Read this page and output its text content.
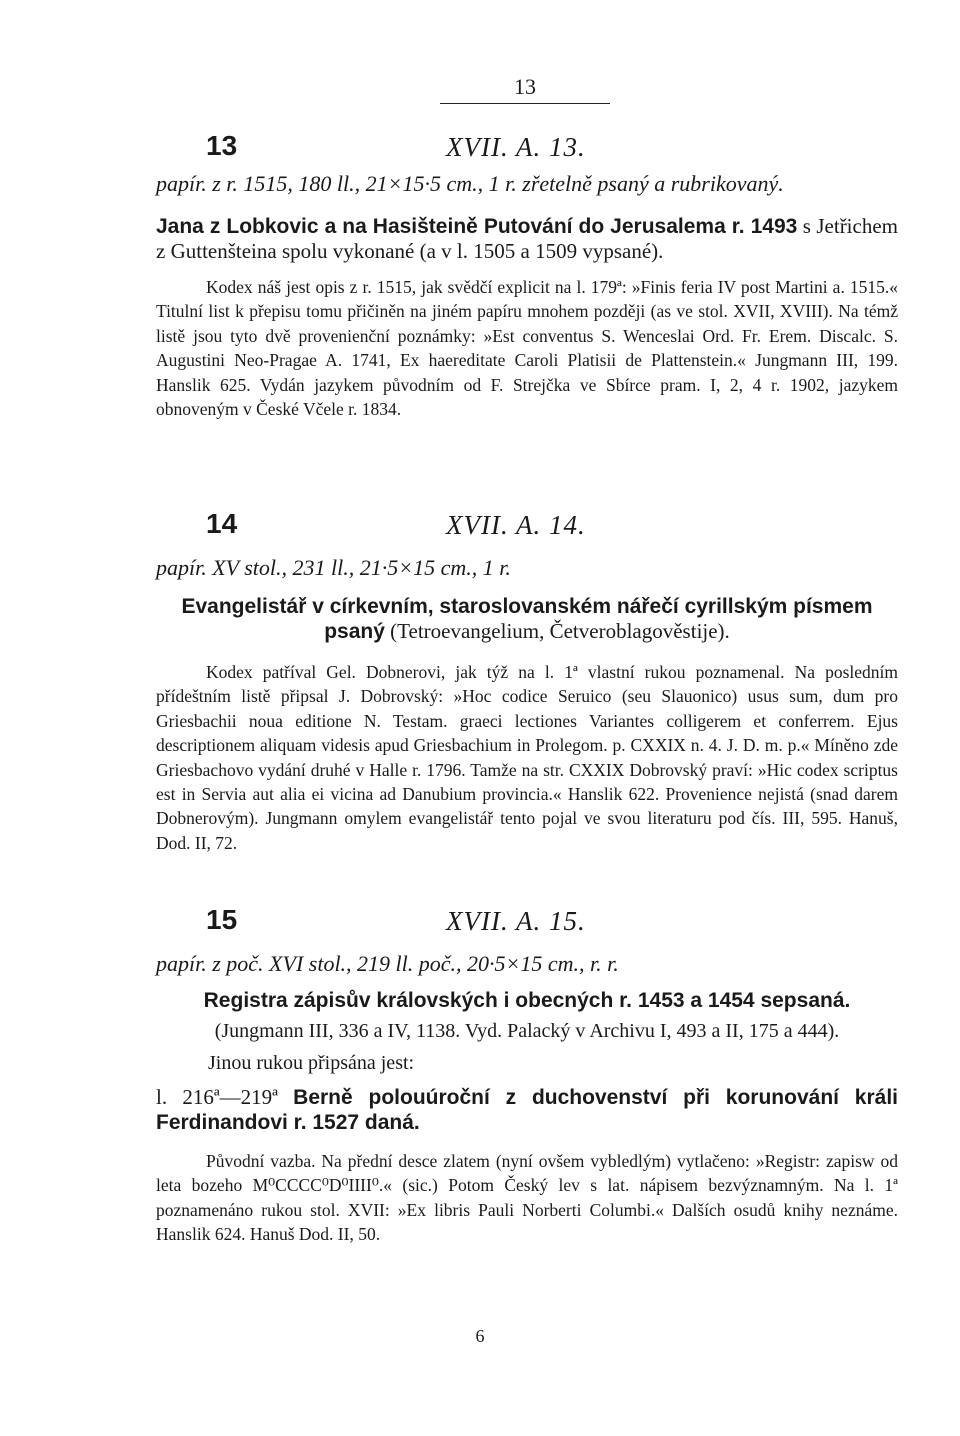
13
13	XVII. A. 13.

papír. z r. 1515, 180 ll., 21×15·5 cm., 1 r. zřetelně psaný a rubrikovaný.

Jana z Lobkovic a na Hasišteině Putování do Jerusalema r. 1493 s Jetřichem z Guttenšteina spolu vykonané (a v l. 1505 a 1509 vypsané).

Kodex náš jest opis z r. 1515, jak svědčí explicit na l. 179ª: »Finis feria IV post Martini a. 1515.« Titulní list k přepisu tomu přičiněn na jiném papíru mnohem později (as ve stol. XVII, XVIII). Na témž listě jsou tyto dvě provenienční poznámky: »Est conventus S. Wenceslai Ord. Fr. Erem. Discalc. S. Augustini Neo-Pragae A. 1741, Ex haereditate Caroli Platisii de Plattenstein.« Jungmann III, 199. Hanslik 625. Vydán jazykem původním od F. Strejčka ve Sbírce pram. I, 2, 4 r. 1902, jazykem obnoveným v České Včele r. 1834.

14	XVII. A. 14.

papír. XV stol., 231 ll., 21·5×15 cm., 1 r.

Evangelistář v církevním, staroslovanském nářečí cyrillským písmem psaný (Tetroevangelium, Četveroblagověstije).

Kodex patříval Gel. Dobnerovi, jak týž na l. 1ª vlastní rukou poznamenal. Na posledním přídeštním listě připsal J. Dobrovský: »Hoc codice Seruico (seu Slauonico) usus sum, dum pro Griesbachii noua editione N. Testam. graeci lectiones Variantes colligerem et conferrem. Ejus descriptionem aliquam videsis apud Griesbachium in Prolegom. p. CXXIX n. 4. J. D. m. p.« Míněno zde Griesbachovo vydání druhé v Halle r. 1796. Tamže na str. CXXIX Dobrovský praví: »Hic codex scriptus est in Servia aut alia ei vicina ad Danubium provincia.« Hanslik 622. Provenience nejistá (snad darem Dobnerovým). Jungmann omylem evangelistář tento pojal ve svou literaturu pod čís. III, 595. Hanuš, Dod. II, 72.

15	XVII. A. 15.

papír. z poč. XVI stol., 219 ll. poč., 20·5×15 cm., r. r.

Registra zápisův královských i obecných r. 1453 a 1454 sepsaná.

(Jungmann III, 336 a IV, 1138. Vyd. Palacký v Archivu I, 493 a II, 175 a 444).

Jinou rukou připsána jest:

l. 216ª—219ª Berně polouúroční z duchovenství při korunování králi Ferdinandovi r. 1527 daná.

Původní vazba. Na přední desce zlatem (nyní ovšem vybledlým) vytlačeno: »Registr: zapisw od leta bozeho M⁰CCCC⁰D⁰IIII⁰.« (sic.) Potom Český lev s lat. nápisem bezvýznamným. Na l. 1ª poznamenáno rukou stol. XVII: »Ex libris Pauli Norberti Columbi.« Dalších osudů knihy neznáme. Hanslik 624. Hanuš Dod. II, 50.

6
